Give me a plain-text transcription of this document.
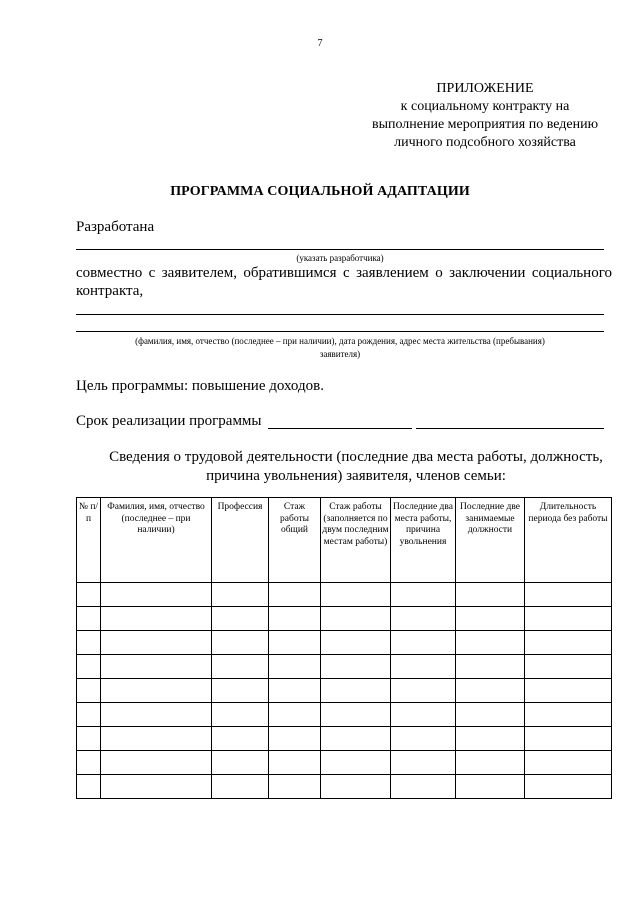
7
ПРИЛОЖЕНИЕ
к социальному контракту на
выполнение мероприятия по ведению
личного подсобного хозяйства
ПРОГРАММА СОЦИАЛЬНОЙ АДАПТАЦИИ
Разработана
(указать разработчика)
совместно с заявителем, обратившимся с заявлением о заключении социального
контракта,
(фамилия, имя, отчество (последнее – при наличии), дата рождения, адрес места жительства (пребывания)
заявителя)
Цель программы: повышение доходов.
Срок реализации программы
Сведения о трудовой деятельности (последние два места работы, должность,
причина увольнения) заявителя, членов семьи:
№ п/п	Фамилия, имя, отчество (последнее – при наличии)	Профессия	Стаж работы общий	Стаж работы (заполняется по двум последним местам работы)	Последние два места работы, причина увольнения	Последние две занимаемые должности	Длительность периода без работы
